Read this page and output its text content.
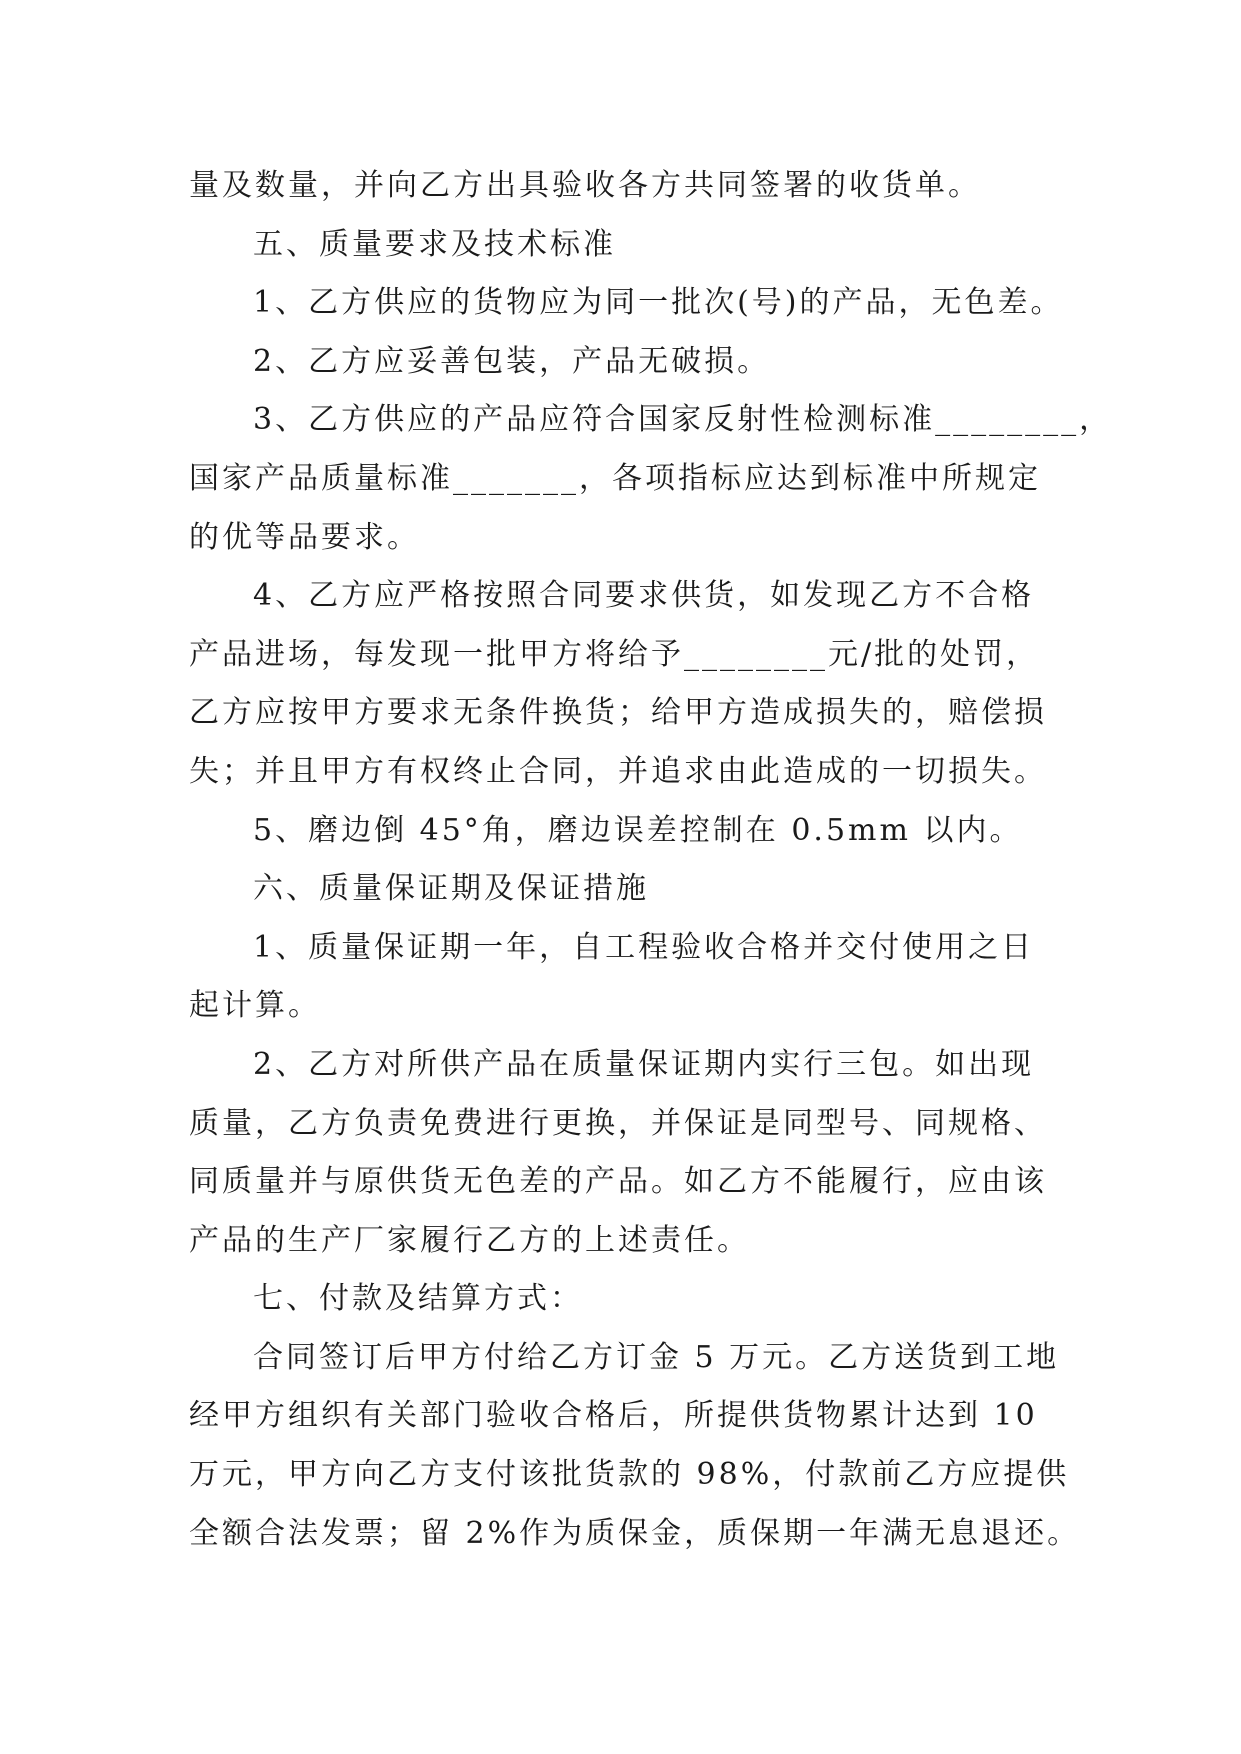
量及数量，并向乙方出具验收各方共同签署的收货单。
五、质量要求及技术标准
1、乙方供应的货物应为同一批次(号)的产品，无色差。
2、乙方应妥善包装，产品无破损。
3、乙方供应的产品应符合国家反射性检测标准________，
国家产品质量标准_______，各项指标应达到标准中所规定
的优等品要求。
4、乙方应严格按照合同要求供货，如发现乙方不合格
产品进场，每发现一批甲方将给予________元/批的处罚，
乙方应按甲方要求无条件换货；给甲方造成损失的，赔偿损
失；并且甲方有权终止合同，并追求由此造成的一切损失。
5、磨边倒 45°角，磨边误差控制在 0.5mm 以内。
六、质量保证期及保证措施
1、质量保证期一年，自工程验收合格并交付使用之日
起计算。
2、乙方对所供产品在质量保证期内实行三包。如出现
质量，乙方负责免费进行更换，并保证是同型号、同规格、
同质量并与原供货无色差的产品。如乙方不能履行，应由该
产品的生产厂家履行乙方的上述责任。
七、付款及结算方式：
合同签订后甲方付给乙方订金 5 万元。乙方送货到工地
经甲方组织有关部门验收合格后，所提供货物累计达到 10
万元，甲方向乙方支付该批货款的 98%，付款前乙方应提供
全额合法发票；留 2%作为质保金，质保期一年满无息退还。
